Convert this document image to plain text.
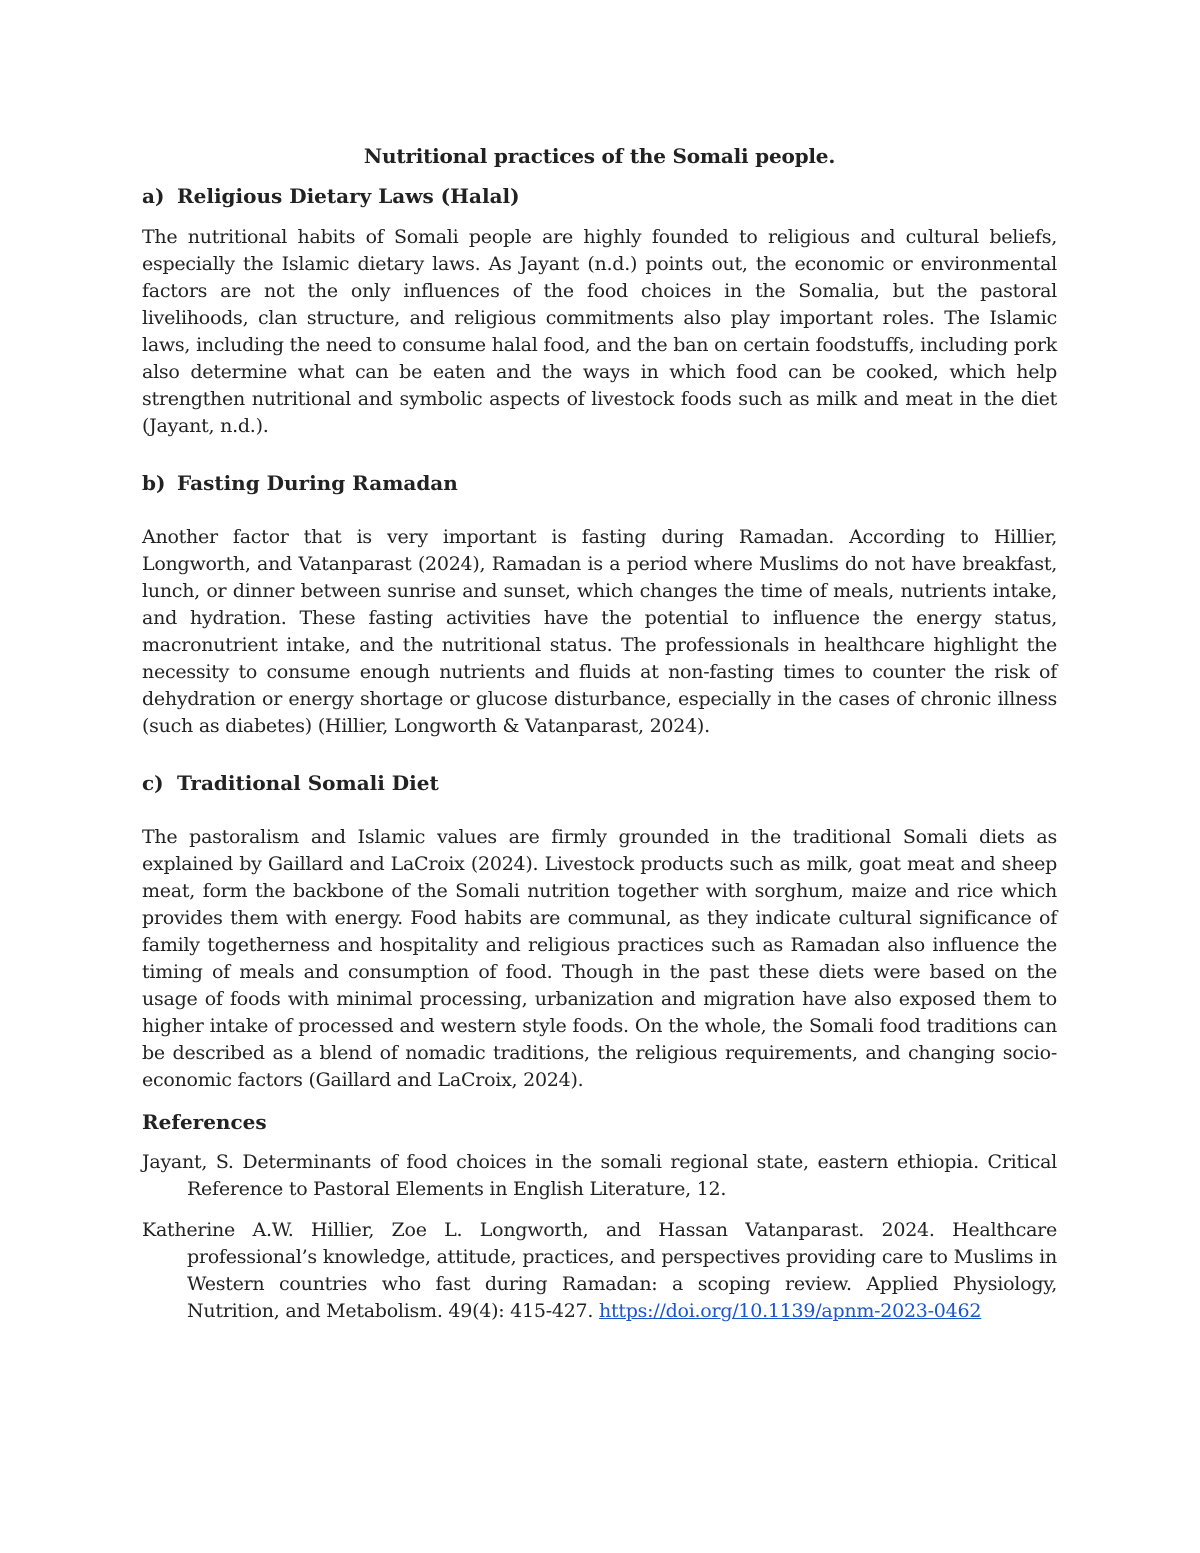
Nutritional practices of the Somali people.

a) Religious Dietary Laws (Halal)

The nutritional habits of Somali people are highly founded to religious and cultural beliefs, especially the Islamic dietary laws. As Jayant (n.d.) points out, the economic or environmental factors are not the only influences of the food choices in the Somalia, but the pastoral livelihoods, clan structure, and religious commitments also play important roles. The Islamic laws, including the need to consume halal food, and the ban on certain foodstuffs, including pork also determine what can be eaten and the ways in which food can be cooked, which help strengthen nutritional and symbolic aspects of livestock foods such as milk and meat in the diet (Jayant, n.d.).

b) Fasting During Ramadan

Another factor that is very important is fasting during Ramadan. According to Hillier, Longworth, and Vatanparast (2024), Ramadan is a period where Muslims do not have breakfast, lunch, or dinner between sunrise and sunset, which changes the time of meals, nutrients intake, and hydration. These fasting activities have the potential to influence the energy status, macronutrient intake, and the nutritional status. The professionals in healthcare highlight the necessity to consume enough nutrients and fluids at non-fasting times to counter the risk of dehydration or energy shortage or glucose disturbance, especially in the cases of chronic illness (such as diabetes) (Hillier, Longworth & Vatanparast, 2024).

c) Traditional Somali Diet

The pastoralism and Islamic values are firmly grounded in the traditional Somali diets as explained by Gaillard and LaCroix (2024). Livestock products such as milk, goat meat and sheep meat, form the backbone of the Somali nutrition together with sorghum, maize and rice which provides them with energy. Food habits are communal, as they indicate cultural significance of family togetherness and hospitality and religious practices such as Ramadan also influence the timing of meals and consumption of food. Though in the past these diets were based on the usage of foods with minimal processing, urbanization and migration have also exposed them to higher intake of processed and western style foods. On the whole, the Somali food traditions can be described as a blend of nomadic traditions, the religious requirements, and changing socio-economic factors (Gaillard and LaCroix, 2024).

References

Jayant, S. Determinants of food choices in the somali regional state, eastern ethiopia. Critical Reference to Pastoral Elements in English Literature, 12.

Katherine A.W. Hillier, Zoe L. Longworth, and Hassan Vatanparast. 2024. Healthcare professional’s knowledge, attitude, practices, and perspectives providing care to Muslims in Western countries who fast during Ramadan: a scoping review. Applied Physiology, Nutrition, and Metabolism. 49(4): 415-427. https://doi.org/10.1139/apnm-2023-0462
